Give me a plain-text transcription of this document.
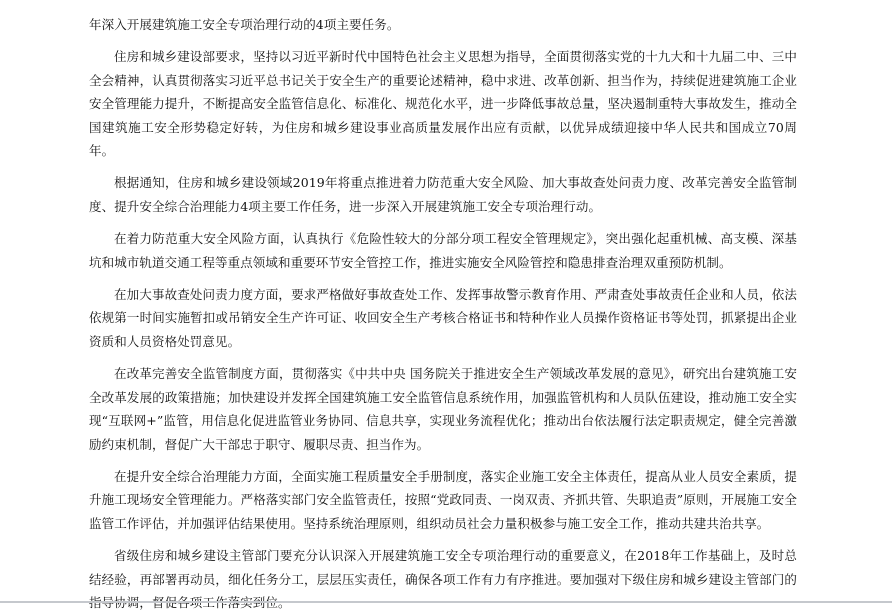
年深入开展建筑施工安全专项治理行动的4项主要任务。

住房和城乡建设部要求，坚持以习近平新时代中国特色社会主义思想为指导，全面贯彻落实党的十九大和十九届二中、三中全会精神，认真贯彻落实习近平总书记关于安全生产的重要论述精神，稳中求进、改革创新、担当作为，持续促进建筑施工企业安全管理能力提升，不断提高安全监管信息化、标准化、规范化水平，进一步降低事故总量，坚决遏制重特大事故发生，推动全国建筑施工安全形势稳定好转，为住房和城乡建设事业高质量发展作出应有贡献，以优异成绩迎接中华人民共和国成立70周年。

根据通知，住房和城乡建设领域2019年将重点推进着力防范重大安全风险、加大事故查处问责力度、改革完善安全监管制度、提升安全综合治理能力4项主要工作任务，进一步深入开展建筑施工安全专项治理行动。

在着力防范重大安全风险方面，认真执行《危险性较大的分部分项工程安全管理规定》，突出强化起重机械、高支模、深基坑和城市轨道交通工程等重点领域和重要环节安全管控工作，推进实施安全风险管控和隐患排查治理双重预防机制。

在加大事故查处问责力度方面，要求严格做好事故查处工作、发挥事故警示教育作用、严肃查处事故责任企业和人员，依法依规第一时间实施暂扣或吊销安全生产许可证、收回安全生产考核合格证书和特种作业人员操作资格证书等处罚，抓紧提出企业资质和人员资格处罚意见。

在改革完善安全监管制度方面，贯彻落实《中共中央 国务院关于推进安全生产领域改革发展的意见》，研究出台建筑施工安全改革发展的政策措施；加快建设并发挥全国建筑施工安全监管信息系统作用，加强监管机构和人员队伍建设，推动施工安全实现“互联网+”监管，用信息化促进监管业务协同、信息共享，实现业务流程优化；推动出台依法履行法定职责规定，健全完善激励约束机制，督促广大干部忠于职守、履职尽责、担当作为。

在提升安全综合治理能力方面，全面实施工程质量安全手册制度，落实企业施工安全主体责任，提高从业人员安全素质，提升施工现场安全管理能力。严格落实部门安全监管责任，按照“党政同责、一岗双责、齐抓共管、失职追责”原则，开展施工安全监管工作评估，并加强评估结果使用。坚持系统治理原则，组织动员社会力量积极参与施工安全工作，推动共建共治共享。

省级住房和城乡建设主管部门要充分认识深入开展建筑施工安全专项治理行动的重要意义，在2018年工作基础上，及时总结经验，再部署再动员，细化任务分工，层层压实责任，确保各项工作有力有序推进。要加强对下级住房和城乡建设主管部门的
